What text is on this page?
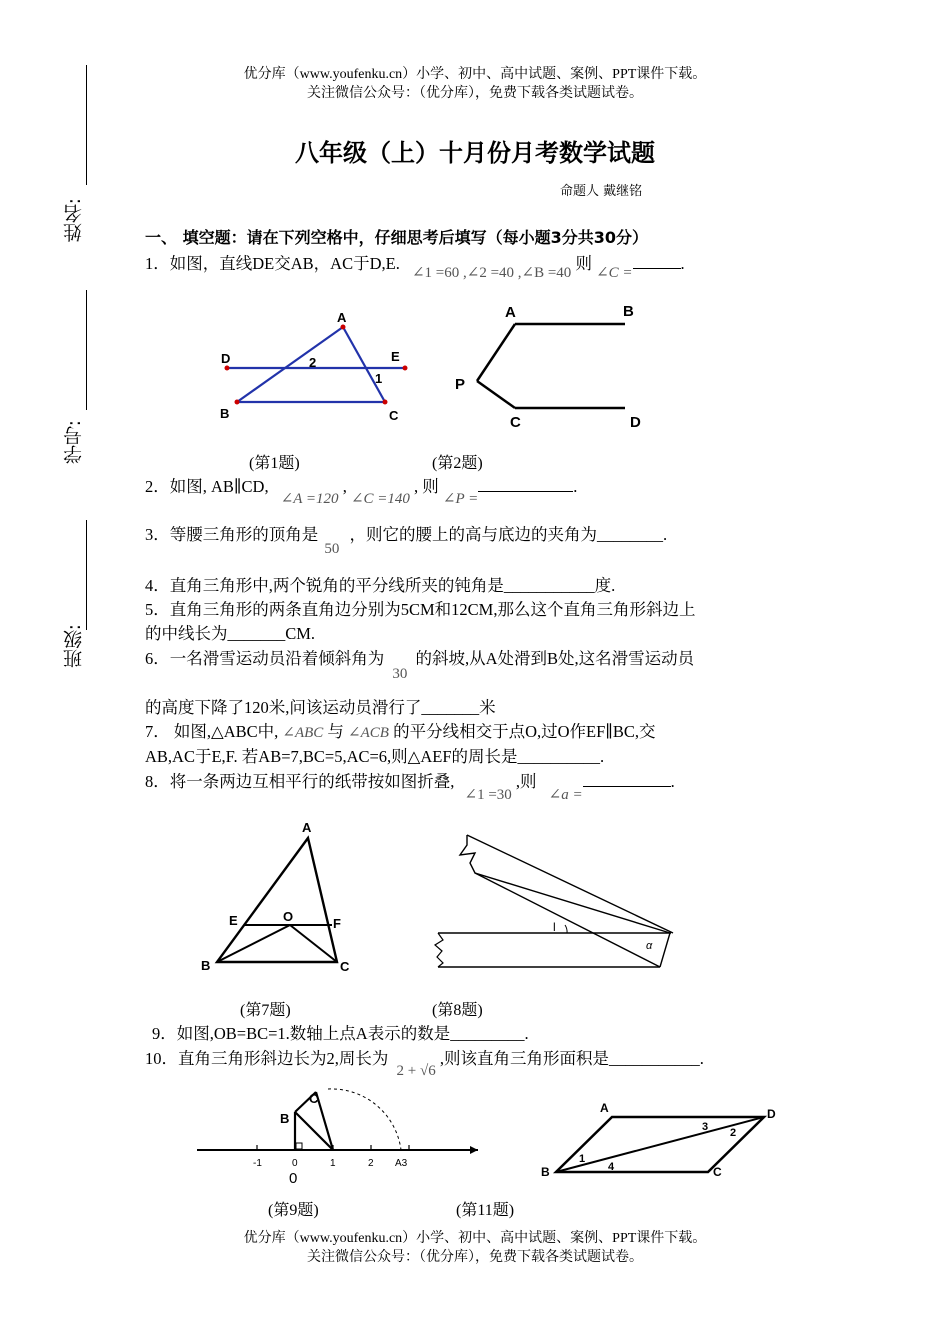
优分库（www.youfenku.cn）小学、初中、高中试题、案例、PPT课件下载。
关注微信公众号：（优分库），免费下载各类试题试卷。
姓名:
学号:
班级:
八年级（上）十月份月考数学试题
命题人 戴继铭
一、 填空题：请在下列空格中，仔细思考后填写（每小题3分共30分）
1．如图，直线DE交AB，AC于D,E. ∠1 =60 ,∠2 =40 ,∠B =40 则 ∠C =	.
A
D	E
B	C
2
1
A	B
P
C	D
(第1题)	(第2题)
2．如图, AB∥CD, ∠A =120 , ∠C =140 , 则 ∠P =.
3．等腰三角形的顶角是 50 ，则它的腰上的高与底边的夹角为________.
4．直角三角形中,两个锐角的平分线所夹的钝角是___________度.
5．直角三角形的两条直角边分别为5CM和12CM,那么这个直角三角形斜边上
的中线长为_______CM.
6．一名滑雪运动员沿着倾斜角为 30 的斜坡,从A处滑到B处,这名滑雪运动员
的高度下降了120米,问该运动员滑行了_______米
7． 如图,△ABC中, ∠ABC 与 ∠ACB 的平分线相交于点O,过O作EF∥BC,交
AB,AC于E,F. 若AB=7,BC=5,AC=6,则△AEF的周长是__________.
8．将一条两边互相平行的纸带按如图折叠, ∠1 =30 ,则 ∠a =.
A
E	O	F
B	C
l
α
(第7题)	(第8题)
9．如图,OB=BC=1.数轴上点A表示的数是_________.
10．直角三角形斜边长为2,周长为 2 + √6 ,则该直角三角形面积是___________.
C
B
-1	0	1	2 A3
0
A	D
B	C
1
2
3
4
(第9题)	(第11题)
优分库（www.youfenku.cn）小学、初中、高中试题、案例、PPT课件下载。
关注微信公众号：（优分库），免费下载各类试题试卷。
